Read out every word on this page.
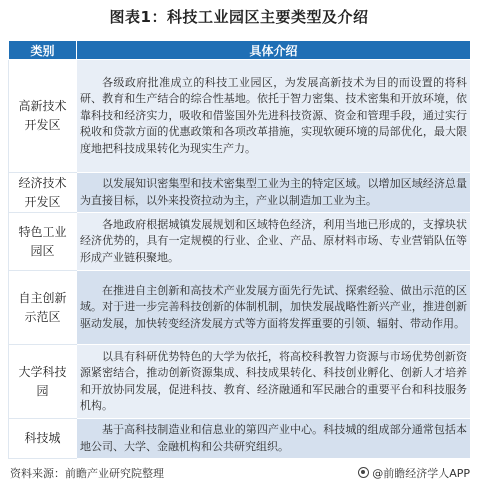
图表1：科技工业园区主要类型及介绍
类别	具体介绍
高新技术开发区	各级政府批准成立的科技工业园区，为发展高新技术为目的而设置的将科研、教育和生产结合的综合性基地。依托于智力密集、技术密集和开放环境，依靠科技和经济实力，吸收和借鉴国外先进科技资源、资金和管理手段，通过实行税收和贷款方面的优惠政策和各项改革措施，实现软硬环境的局部优化，最大限度地把科技成果转化为现实生产力。
经济技术开发区	以发展知识密集型和技术密集型工业为主的特定区域。以增加区域经济总量为直接目标，以外来投资拉动为主，产业以制造加工业为主。
特色工业园区	各地政府根据城镇发展规划和区域特色经济，利用当地已形成的，支撑块状经济优势的，具有一定规模的行业、企业、产品、原材料市场、专业营销队伍等形成产业链积聚地。
自主创新示范区	在推进自主创新和高技术产业发展方面先行先试、探索经验、做出示范的区域。对于进一步完善科技创新的体制机制，加快发展战略性新兴产业，推进创新驱动发展，加快转变经济发展方式等方面将发挥重要的引领、辐射、带动作用。
大学科技园	以具有科研优势特色的大学为依托，将高校科教智力资源与市场优势创新资源紧密结合，推动创新资源集成、科技成果转化、科技创业孵化、创新人才培养和开放协同发展，促进科技、教育、经济融通和军民融合的重要平台和科技服务机构。
科技城	基于高科技制造业和信息业的第四产业中心。科技城的组成部分通常包括本地公司、大学、金融机构和公共研究组织。
资料来源：前瞻产业研究院整理	@前瞻经济学人APP
